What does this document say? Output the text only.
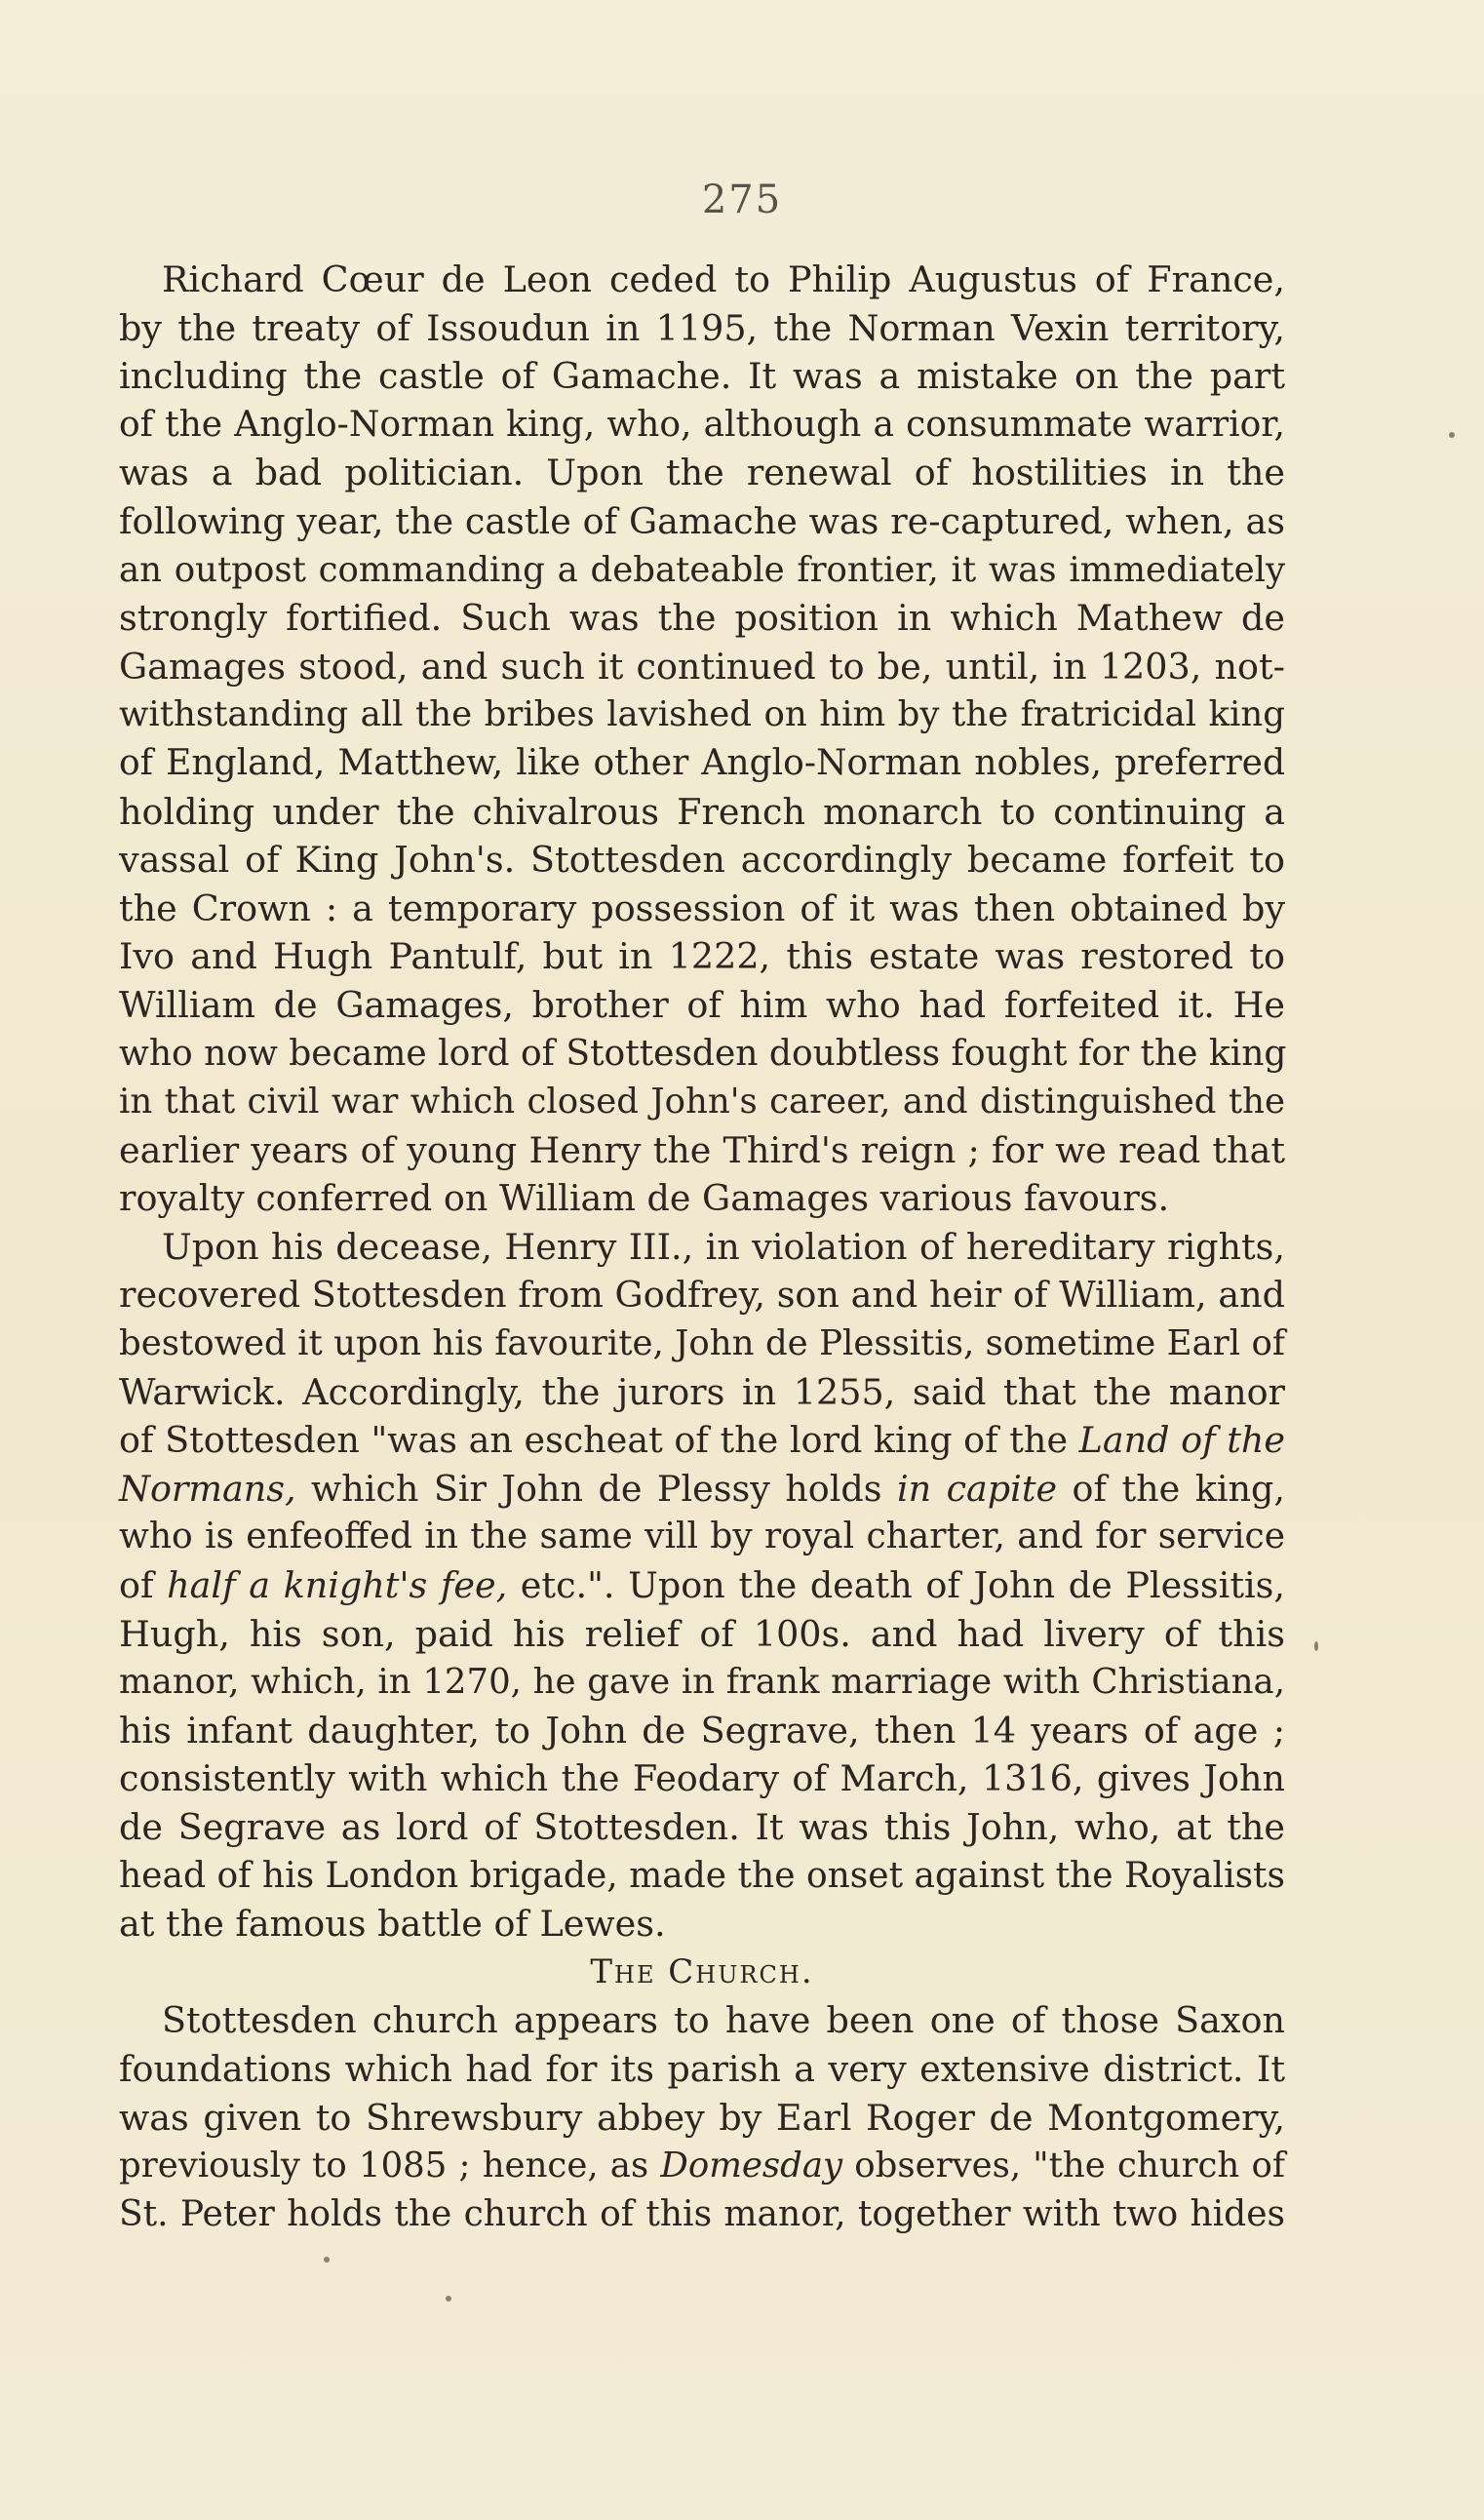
275
Richard Cœur de Leon ceded to Philip Augustus of France,
by the treaty of Issoudun in 1195, the Norman Vexin territory,
including the castle of Gamache. It was a mistake on the part
of the Anglo-Norman king, who, although a consummate warrior,
was a bad politician. Upon the renewal of hostilities in the
following year, the castle of Gamache was re-captured, when, as
an outpost commanding a debateable frontier, it was immediately
strongly fortified. Such was the position in which Mathew de
Gamages stood, and such it continued to be, until, in 1203, not-
withstanding all the bribes lavished on him by the fratricidal king
of England, Matthew, like other Anglo-Norman nobles, preferred
holding under the chivalrous French monarch to continuing a
vassal of King John's. Stottesden accordingly became forfeit to
the Crown : a temporary possession of it was then obtained by
Ivo and Hugh Pantulf, but in 1222, this estate was restored to
William de Gamages, brother of him who had forfeited it. He
who now became lord of Stottesden doubtless fought for the king
in that civil war which closed John's career, and distinguished the
earlier years of young Henry the Third's reign ; for we read that
royalty conferred on William de Gamages various favours.
Upon his decease, Henry III., in violation of hereditary rights,
recovered Stottesden from Godfrey, son and heir of William, and
bestowed it upon his favourite, John de Plessitis, sometime Earl of
Warwick. Accordingly, the jurors in 1255, said that the manor
of Stottesden "was an escheat of the lord king of the Land of the
Normans, which Sir John de Plessy holds in capite of the king,
who is enfeoffed in the same vill by royal charter, and for service
of half a knight's fee, etc.". Upon the death of John de Plessitis,
Hugh, his son, paid his relief of 100s. and had livery of this
manor, which, in 1270, he gave in frank marriage with Christiana,
his infant daughter, to John de Segrave, then 14 years of age ;
consistently with which the Feodary of March, 1316, gives John
de Segrave as lord of Stottesden. It was this John, who, at the
head of his London brigade, made the onset against the Royalists
at the famous battle of Lewes.
The Church.
Stottesden church appears to have been one of those Saxon
foundations which had for its parish a very extensive district. It
was given to Shrewsbury abbey by Earl Roger de Montgomery,
previously to 1085 ; hence, as Domesday observes, "the church of
St. Peter holds the church of this manor, together with two hides
